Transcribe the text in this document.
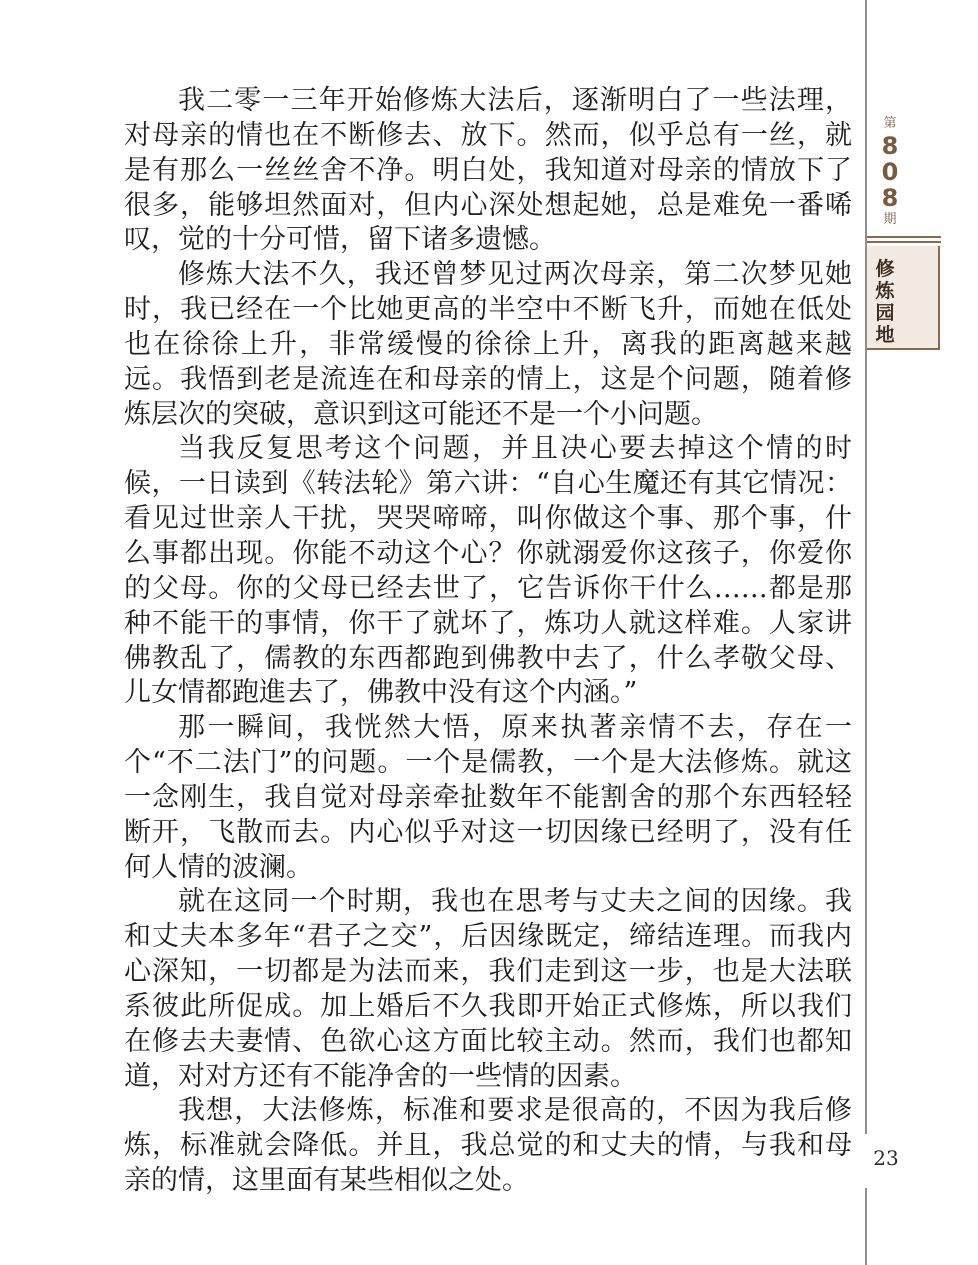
我二零一三年开始修炼大法后，逐渐明白了一些法理，对母亲的情也在不断修去、放下。然而，似乎总有一丝，就是有那么一丝丝舍不净。明白处，我知道对母亲的情放下了很多，能够坦然面对，但内心深处想起她，总是难免一番唏叹，觉的十分可惜，留下诸多遗憾。

修炼大法不久，我还曾梦见过两次母亲，第二次梦见她时，我已经在一个比她更高的半空中不断飞升，而她在低处也在徐徐上升，非常缓慢的徐徐上升，离我的距离越来越远。我悟到老是流连在和母亲的情上，这是个问题，随着修炼层次的突破，意识到这可能还不是一个小问题。

当我反复思考这个问题，并且决心要去掉这个情的时候，一日读到《转法轮》第六讲：“自心生魔还有其它情况：看见过世亲人干扰，哭哭啼啼，叫你做这个事、那个事，什么事都出现。你能不动这个心？你就溺爱你这孩子，你爱你的父母。你的父母已经去世了，它告诉你干什么……都是那种不能干的事情，你干了就坏了，炼功人就这样难。人家讲佛教乱了，儒教的东西都跑到佛教中去了，什么孝敬父母、儿女情都跑進去了，佛教中没有这个内涵。”

那一瞬间，我恍然大悟，原来执著亲情不去，存在一个“不二法门”的问题。一个是儒教，一个是大法修炼。就这一念刚生，我自觉对母亲牵扯数年不能割舍的那个东西轻轻断开，飞散而去。内心似乎对这一切因缘已经明了，没有任何人情的波澜。

就在这同一个时期，我也在思考与丈夫之间的因缘。我和丈夫本多年“君子之交”，后因缘既定，缔结连理。而我内心深知，一切都是为法而来，我们走到这一步，也是大法联系彼此所促成。加上婚后不久我即开始正式修炼，所以我们在修去夫妻情、色欲心这方面比较主动。然而，我们也都知道，对对方还有不能净舍的一些情的因素。

我想，大法修炼，标准和要求是很高的，不因为我后修炼，标准就会降低。并且，我总觉的和丈夫的情，与我和母亲的情，这里面有某些相似之处。

第
808
期
修炼园地
23
